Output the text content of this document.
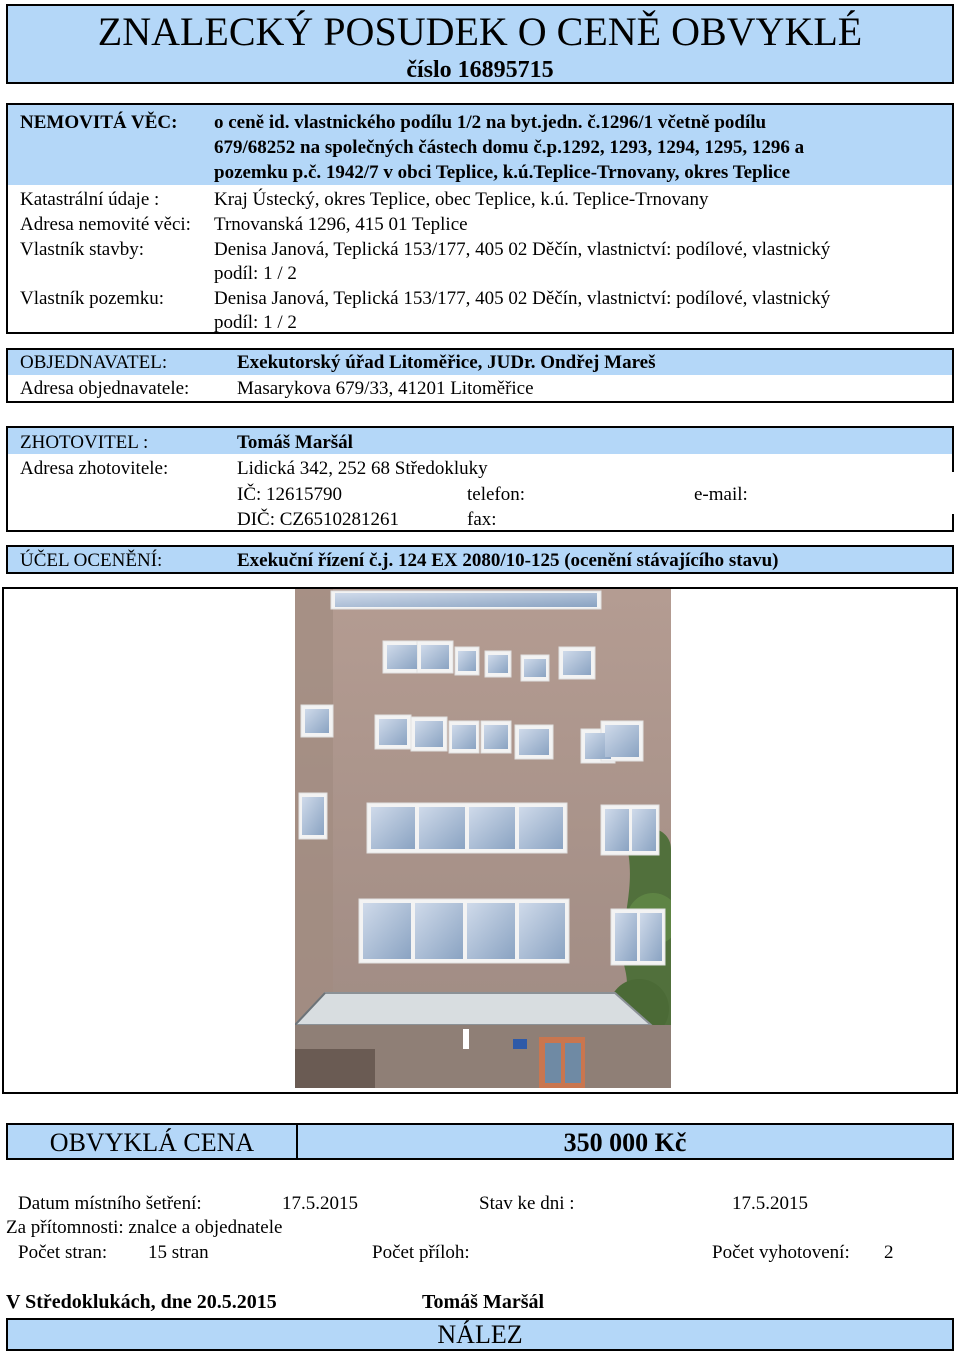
ZNALECKÝ POSUDEK O CENĚ OBVYKLÉ
číslo 16895715
NEMOVITÁ VĚC: o ceně id. vlastnického podílu 1/2 na byt.jedn. č.1296/1 včetně podílu
679/68252 na společných částech domu č.p.1292, 1293, 1294, 1295, 1296 a
pozemku p.č. 1942/7 v obci Teplice, k.ú.Teplice-Trnovany, okres Teplice
Katastrální údaje :	Kraj Ústecký, okres Teplice, obec Teplice, k.ú. Teplice-Trnovany
Adresa nemovité věci: Trnovanská 1296, 415 01 Teplice
Vlastník stavby:	Denisa Janová, Teplická 153/177, 405 02 Děčín, vlastnictví: podílové, vlastnický
podíl: 1 / 2
Vlastník pozemku:	Denisa Janová, Teplická 153/177, 405 02 Děčín, vlastnictví: podílové, vlastnický
podíl: 1 / 2
OBJEDNAVATEL:	Exekutorský úřad Litoměřice, JUDr. Ondřej Mareš
Adresa objednavatele:	Masarykova 679/33, 41201 Litoměřice
ZHOTOVITEL :	Tomáš Maršál
Adresa zhotovitele:	Lidická 342, 252 68 Středokluky
IČ: 12615790	telefon:	e-mail:
DIČ: CZ6510281261	fax:
ÚČEL OCENĚNÍ:	Exekuční řízení č.j. 124 EX 2080/10-125 (ocenění stávajícího stavu)
OBVYKLÁ CENA	350 000 Kč
Datum místního šetření:	17.5.2015	Stav ke dni :	17.5.2015
Za přítomnosti: znalce a objednatele
Počet stran: 15 stran	Počet příloh:	Počet vyhotovení: 2
V Středoklukách, dne 20.5.2015	Tomáš Maršál
NÁLEZ
